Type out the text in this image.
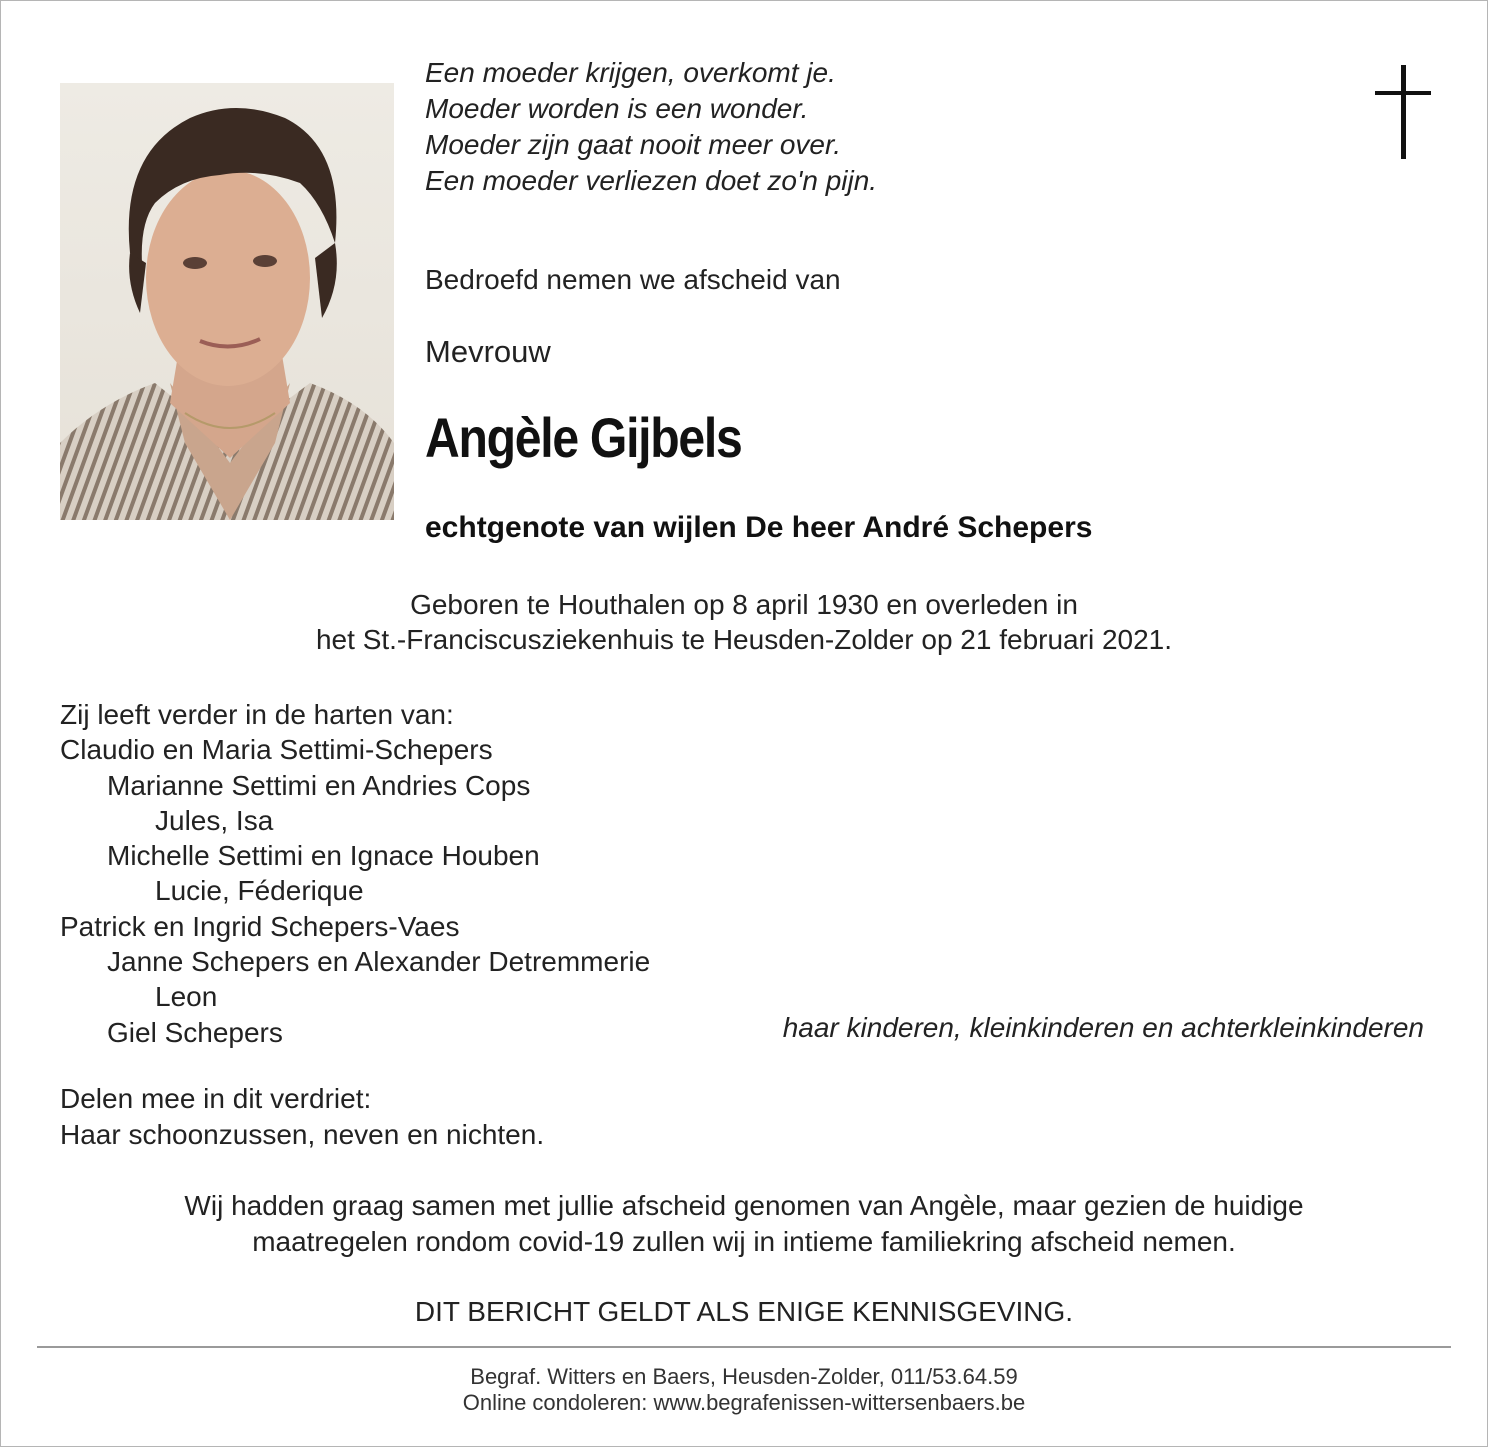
Een moeder krijgen, overkomt je.
Moeder worden is een wonder.
Moeder zijn gaat nooit meer over.
Een moeder verliezen doet zo'n pijn.
Bedroefd nemen we afscheid van
Mevrouw
Angèle Gijbels
echtgenote van wijlen De heer André Schepers
Geboren te Houthalen op 8 april 1930 en overleden in
het St.-Franciscusziekenhuis te Heusden-Zolder op 21 februari 2021.
Zij leeft verder in de harten van:
Claudio en Maria Settimi-Schepers
Marianne Settimi en Andries Cops
Jules, Isa
Michelle Settimi en Ignace Houben
Lucie, Féderique
Patrick en Ingrid Schepers-Vaes
Janne Schepers en Alexander Detremmerie
Leon
Giel Schepers	haar kinderen, kleinkinderen en achterkleinkinderen
Delen mee in dit verdriet:
Haar schoonzussen, neven en nichten.
Wij hadden graag samen met jullie afscheid genomen van Angèle, maar gezien de huidige
maatregelen rondom covid-19 zullen wij in intieme familiekring afscheid nemen.
DIT BERICHT GELDT ALS ENIGE KENNISGEVING.
Begraf. Witters en Baers, Heusden-Zolder, 011/53.64.59
Online condoleren: www.begrafenissen-wittersenbaers.be
